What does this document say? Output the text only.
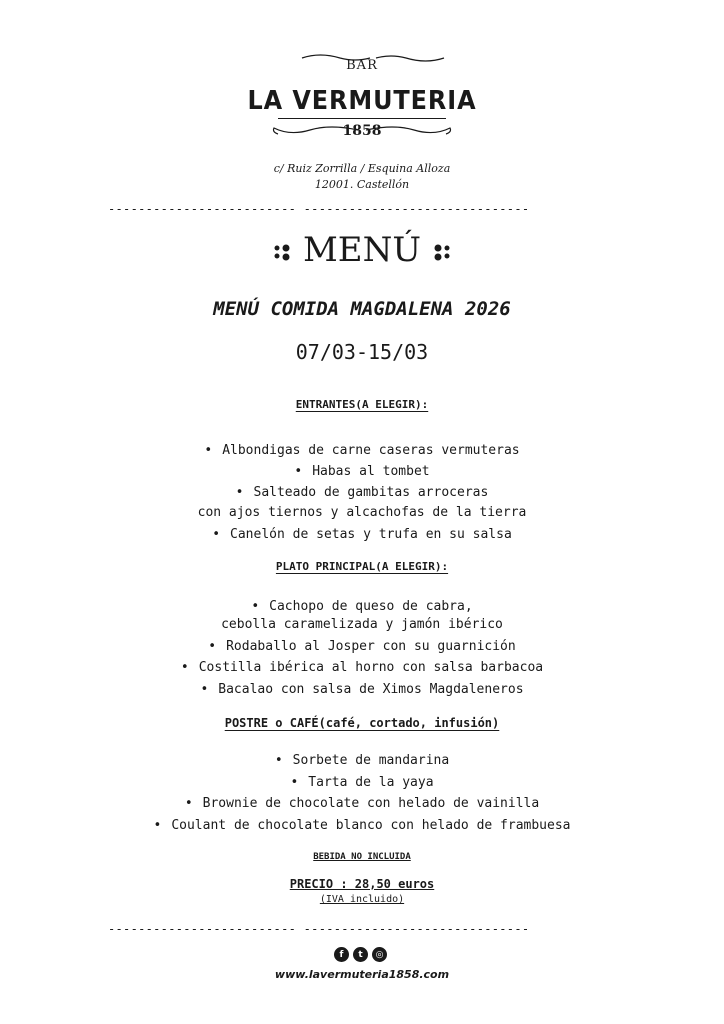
BAR
LA VERMUTERIA
1858
c/ Ruiz Zorrilla / Esquina Alloza
12001. Castellón
------------------------- ------------------------------
MENÚ
MENÚ COMIDA MAGDALENA 2026
07/03-15/03
ENTRANTES(A ELEGIR):
• Albondigas de carne caseras vermuteras
• Habas al tombet
• Salteado de gambitas arroceras
con ajos tiernos y alcachofas de la tierra
• Canelón de setas y trufa en su salsa
PLATO PRINCIPAL(A ELEGIR):
• Cachopo de queso de cabra,
cebolla caramelizada y jamón ibérico
• Rodaballo al Josper con su guarnición
• Costilla ibérica al horno con salsa barbacoa
• Bacalao con salsa de Ximos Magdaleneros
POSTRE o CAFÉ(café, cortado, infusión)
• Sorbete de mandarina
• Tarta de la yaya
• Brownie de chocolate con helado de vainilla
• Coulant de chocolate blanco con helado de frambuesa
BEBIDA NO INCLUIDA
PRECIO : 28,50 euros
(IVA incluido)
------------------------- ------------------------------
f	t	◎
www.lavermuteria1858.com
